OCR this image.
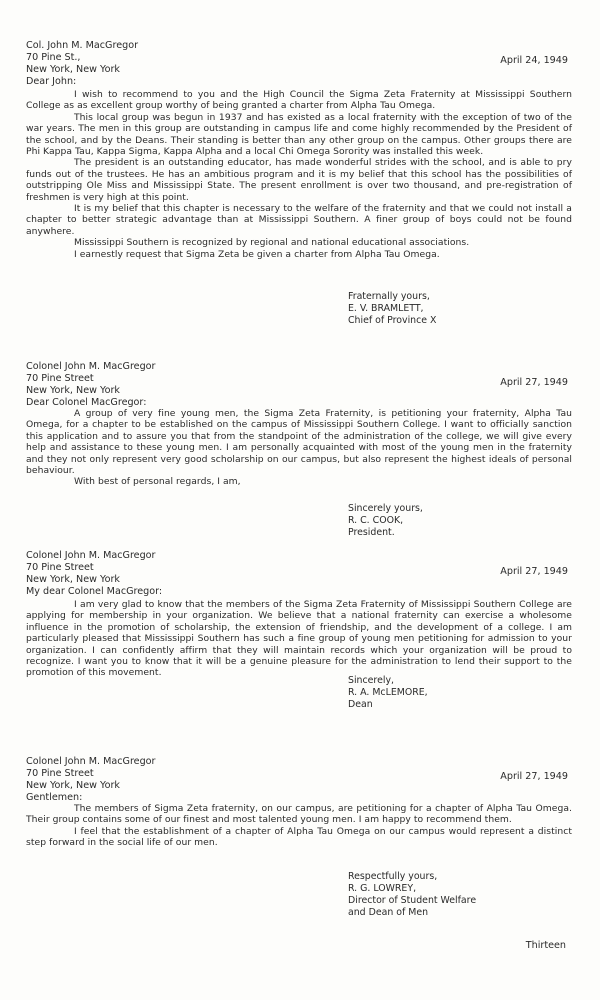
Col. John M. MacGregor
70 Pine St.,
New York, New York
Dear John:
April 24, 1949

I wish to recommend to you and the High Council the Sigma Zeta Fraternity at Mississippi Southern College as as excellent group worthy of being granted a charter from Alpha Tau Omega.

This local group was begun in 1937 and has existed as a local fraternity with the exception of two of the war years. The men in this group are outstanding in campus life and come highly recommended by the President of the school, and by the Deans. Their standing is better than any other group on the campus. Other groups there are Phi Kappa Tau, Kappa Sigma, Kappa Alpha and a local Chi Omega Sorority was installed this week.

The president is an outstanding educator, has made wonderful strides with the school, and is able to pry funds out of the trustees. He has an ambitious program and it is my belief that this school has the possibilities of outstripping Ole Miss and Mississippi State. The present enrollment is over two thousand, and pre-registration of freshmen is very high at this point.

It is my belief that this chapter is necessary to the welfare of the fraternity and that we could not install a chapter to better strategic advantage than at Mississippi Southern. A finer group of boys could not be found anywhere.

Mississippi Southern is recognized by regional and national educational associations.

I earnestly request that Sigma Zeta be given a charter from Alpha Tau Omega.

Fraternally yours,
E. V. BRAMLETT,
Chief of Province X
Colonel John M. MacGregor
70 Pine Street
New York, New York
Dear Colonel MacGregor:
April 27, 1949

A group of very fine young men, the Sigma Zeta Fraternity, is petitioning your fraternity, Alpha Tau Omega, for a chapter to be established on the campus of Mississippi Southern College. I want to officially sanction this application and to assure you that from the standpoint of the administration of the college, we will give every help and assistance to these young men. I am personally acquainted with most of the young men in the fraternity and they not only represent very good scholarship on our campus, but also represent the highest ideals of personal behaviour.

With best of personal regards, I am,

Sincerely yours,
R. C. COOK,
President.
Colonel John M. MacGregor
70 Pine Street
New York, New York
My dear Colonel MacGregor:
April 27, 1949

I am very glad to know that the members of the Sigma Zeta Fraternity of Mississippi Southern College are applying for membership in your organization. We believe that a national fraternity can exercise a wholesome influence in the promotion of scholarship, the extension of friendship, and the development of a college. I am particularly pleased that Mississippi Southern has such a fine group of young men petitioning for admission to your organization. I can confidently affirm that they will maintain records which your organization will be proud to recognize. I want you to know that it will be a genuine pleasure for the administration to lend their support to the promotion of this movement.

Sincerely,
R. A. McLEMORE,
Dean
Colonel John M. MacGregor
70 Pine Street
New York, New York
Gentlemen:
April 27, 1949

The members of Sigma Zeta fraternity, on our campus, are petitioning for a chapter of Alpha Tau Omega. Their group contains some of our finest and most talented young men. I am happy to recommend them.

I feel that the establishment of a chapter of Alpha Tau Omega on our campus would represent a distinct step forward in the social life of our men.

Respectfully yours,
R. G. LOWREY,
Director of Student Welfare
and Dean of Men
Thirteen
